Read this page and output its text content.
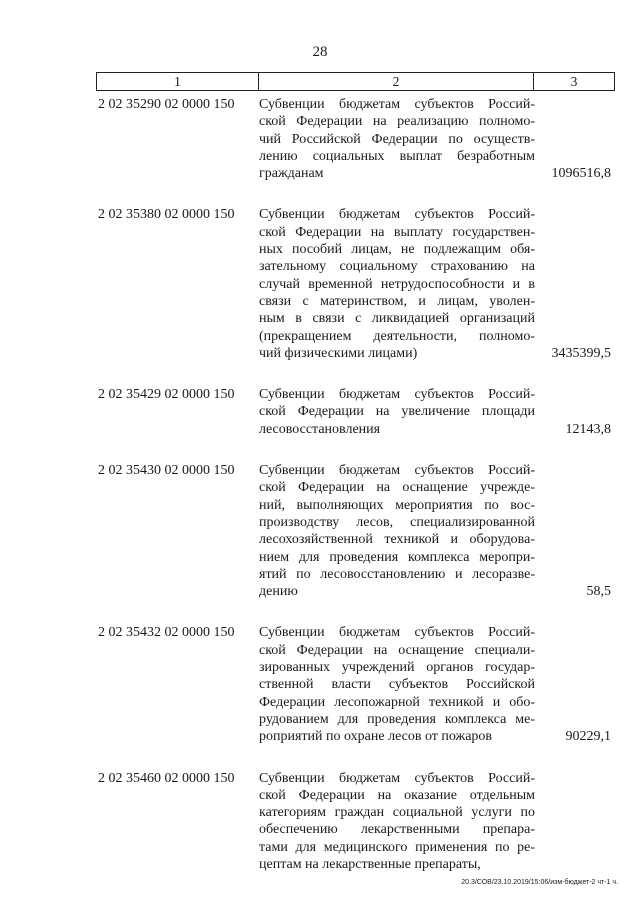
28
1	2	3
2 02 35290 02 0000 150	Субвенции бюджетам субъектов Россий-
ской Федерации на реализацию полномо-
чий Российской Федерации по осуществ-
лению социальных выплат безработным
гражданам	1096516,8
2 02 35380 02 0000 150	Субвенции бюджетам субъектов Россий-
ской Федерации на выплату государствен-
ных пособий лицам, не подлежащим обя-
зательному социальному страхованию на
случай временной нетрудоспособности и в
связи с материнством, и лицам, уволен-
ным в связи с ликвидацией организаций
(прекращением деятельности, полномо-
чий физическими лицами)	3435399,5
2 02 35429 02 0000 150	Субвенции бюджетам субъектов Россий-
ской Федерации на увеличение площади
лесовосстановления	12143,8
2 02 35430 02 0000 150	Субвенции бюджетам субъектов Россий-
ской Федерации на оснащение учрежде-
ний, выполняющих мероприятия по вос-
производству лесов, специализированной
лесохозяйственной техникой и оборудова-
нием для проведения комплекса меропри-
ятий по лесовосстановлению и лесоразве-
дению	58,5
2 02 35432 02 0000 150	Субвенции бюджетам субъектов Россий-
ской Федерации на оснащение специали-
зированных учреждений органов государ-
ственной власти субъектов Российской
Федерации лесопожарной техникой и обо-
рудованием для проведения комплекса ме-
роприятий по охране лесов от пожаров	90229,1
2 02 35460 02 0000 150	Субвенции бюджетам субъектов Россий-
ской Федерации на оказание отдельным
категориям граждан социальной услуги по
обеспечению лекарственными препара-
тами для медицинского применения по ре-
цептам на лекарственные препараты,
20.3/СОВ/23.10.2019/15:06/изм-бюджет-2 чт-1 ч.
